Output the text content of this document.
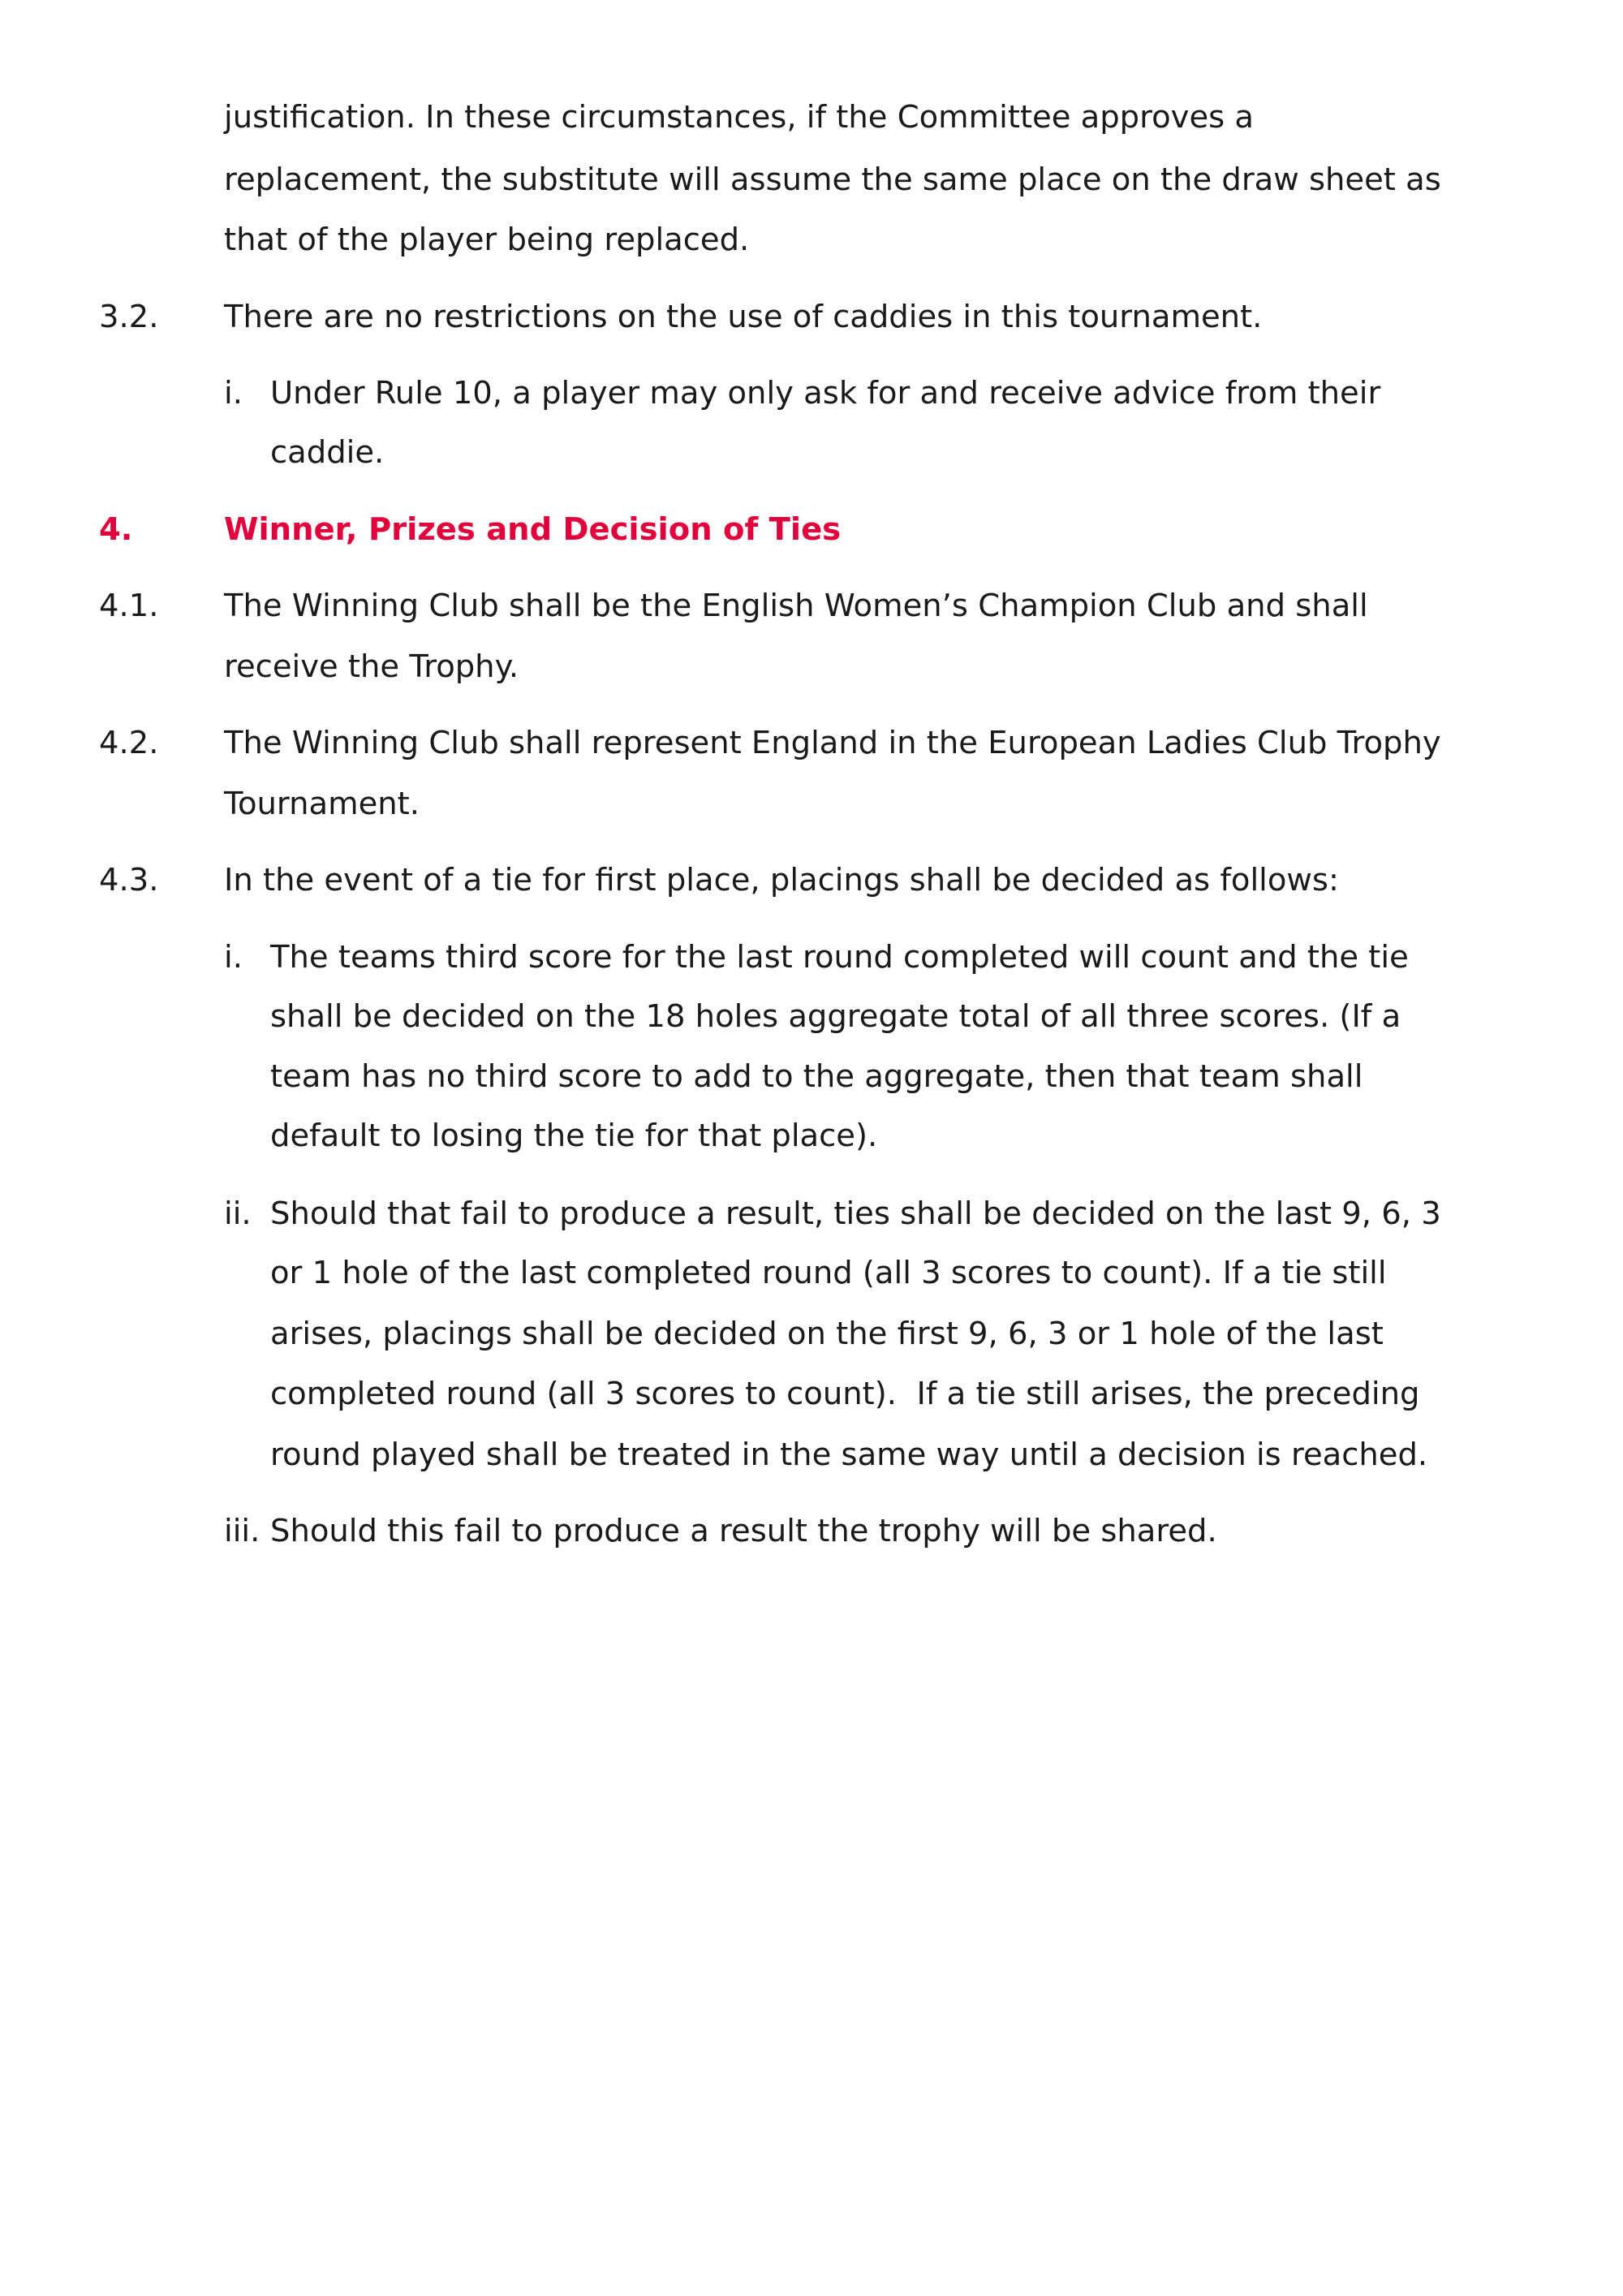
justification. In these circumstances, if the Committee approves a
replacement, the substitute will assume the same place on the draw sheet as
that of the player being replaced.
3.2. There are no restrictions on the use of caddies in this tournament.
i. Under Rule 10, a player may only ask for and receive advice from their
caddie.
4.	Winner, Prizes and Decision of Ties
4.1. The Winning Club shall be the English Women’s Champion Club and shall
receive the Trophy.
4.2. The Winning Club shall represent England in the European Ladies Club Trophy
Tournament.
4.3. In the event of a tie for first place, placings shall be decided as follows:
i. The teams third score for the last round completed will count and the tie
shall be decided on the 18 holes aggregate total of all three scores. (If a
team has no third score to add to the aggregate, then that team shall
default to losing the tie for that place).
ii. Should that fail to produce a result, ties shall be decided on the last 9, 6, 3
or 1 hole of the last completed round (all 3 scores to count). If a tie still
arises, placings shall be decided on the first 9, 6, 3 or 1 hole of the last
completed round (all 3 scores to count).  If a tie still arises, the preceding
round played shall be treated in the same way until a decision is reached.
iii. Should this fail to produce a result the trophy will be shared.
